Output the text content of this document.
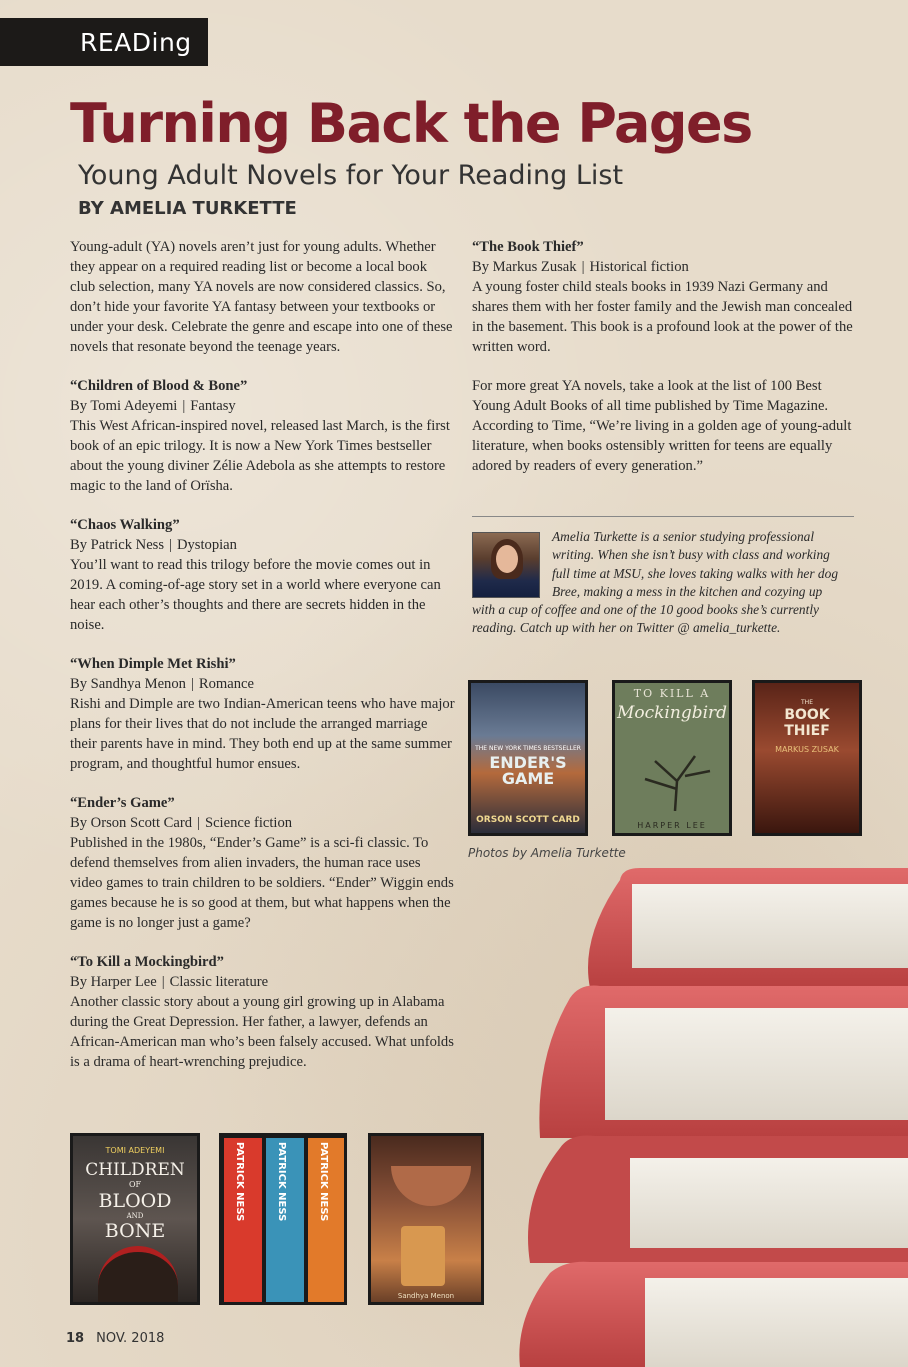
READing
Turning Back the Pages
Young Adult Novels for Your Reading List
BY AMELIA TURKETTE

Young-adult (YA) novels aren’t just for young adults. Whether they appear on a required reading list or become a local book club selection, many YA novels are now considered classics. So, don’t hide your favorite YA fantasy between your textbooks or under your desk. Celebrate the genre and escape into one of these novels that resonate beyond the teenage years.

“Children of Blood & Bone”
By Tomi Adeyemi | Fantasy
This West African-inspired novel, released last March, is the first book of an epic trilogy. It is now a New York Times bestseller about the young diviner Zélie Adebola as she attempts to restore magic to the land of Orïsha.
“Chaos Walking”
By Patrick Ness | Dystopian
You’ll want to read this trilogy before the movie comes out in 2019. A coming-of-age story set in a world where everyone can hear each other’s thoughts and there are secrets hidden in the noise.
“When Dimple Met Rishi”
By Sandhya Menon | Romance
Rishi and Dimple are two Indian-American teens who have major plans for their lives that do not include the arranged marriage their parents have in mind. They both end up at the same summer program, and thoughtful humor ensues.
“Ender’s Game”
By Orson Scott Card | Science fiction
Published in the 1980s, “Ender’s Game” is a sci-fi classic. To defend themselves from alien invaders, the human race uses video games to train children to be soldiers. “Ender” Wiggin ends games because he is so good at them, but what happens when the game is no longer just a game?
“To Kill a Mockingbird”
By Harper Lee | Classic literature
Another classic story about a young girl growing up in Alabama during the Great Depression. Her father, a lawyer, defends an African-American man who’s been falsely accused. What unfolds is a drama of heart-wrenching prejudice.
“The Book Thief”
By Markus Zusak | Historical fiction
A young foster child steals books in 1939 Nazi Germany and shares them with her foster family and the Jewish man concealed in the basement. This book is a profound look at the power of the written word.

For more great YA novels, take a look at the list of 100 Best Young Adult Books of all time published by Time Magazine. According to Time, “We’re living in a golden age of young-adult literature, when books ostensibly written for teens are equally adored by readers of every generation.”

Amelia Turkette is a senior studying professional writing. When she isn’t busy with class and working full time at MSU, she loves taking walks with her dog Bree, making a mess in the kitchen and cozying up with a cup of coffee and one of the 10 good books she’s currently reading. Catch up with her on Twitter @ amelia_turkette.
THE NEW YORK TIMES BESTSELLER
ENDER'S GAME
ORSON SCOTT CARD
TO KILL A
Mockingbird
HARPER LEE
THE
BOOK
THIEF
MARKUS ZUSAK
Photos by Amelia Turkette
TOMI ADEYEMI
CHILDREN
OF
BLOOD
AND
BONE
PATRICK NESS	PATRICK NESS	PATRICK NESS
Sandhya Menon
18 NOV. 2018
